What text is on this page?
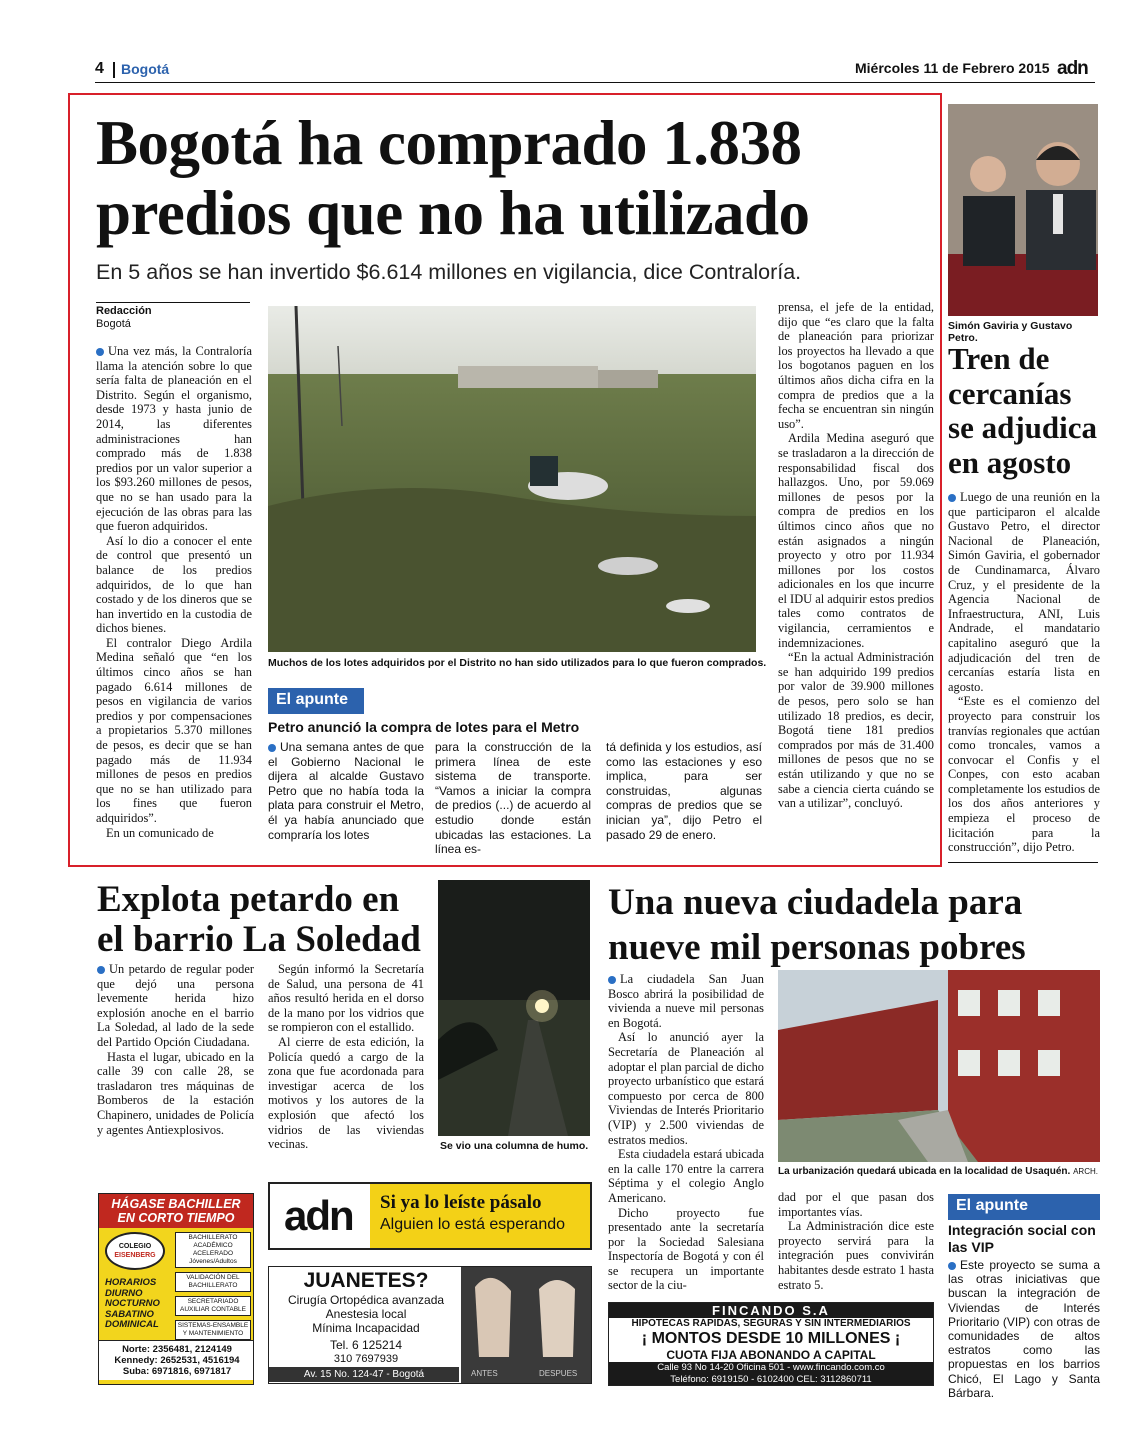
4 Bogotá	Miércoles 11 de Febrero 2015 adn
Bogotá ha comprado 1.838
predios que no ha utilizado
En 5 años se han invertido $6.614 millones en vigilancia, dice Contraloría.
Redacción
Bogotá

Una vez más, la Contraloría llama la atención sobre lo que sería falta de planeación en el Distrito. Según el organismo, desde 1973 y hasta junio de 2014, las diferentes administraciones han comprado más de 1.838 predios por un valor superior a los $93.260 millones de pesos, que no se han usado para la ejecución de las obras para las que fueron adquiridos.

Así lo dio a conocer el ente de control que presentó un balance de los predios adquiridos, de lo que han costado y de los dineros que se han invertido en la custodia de dichos bienes.

El contralor Diego Ardila Medina señaló que “en los últimos cinco años se han pagado 6.614 millones de pesos en vigilancia de varios predios y por compensaciones a propietarios 5.370 millones de pesos, es decir que se han pagado más de 11.934 millones de pesos en predios que no se han utilizado para los fines que fueron adquiridos”.

En un comunicado de

Muchos de los lotes adquiridos por el Distrito no han sido utilizados para lo que fueron comprados.

prensa, el jefe de la entidad, dijo que “es claro que la falta de planeación para priorizar los proyectos ha llevado a que los bogotanos paguen en los últimos años dicha cifra en la compra de predios que a la fecha se encuentran sin ningún uso”.

Ardila Medina aseguró que se trasladaron a la dirección de responsabilidad fiscal dos hallazgos. Uno, por 59.069 millones de pesos por la compra de predios en los últimos cinco años que no están asignados a ningún proyecto y otro por 11.934 millones por los costos adicionales en los que incurre el IDU al adquirir estos predios tales como contratos de vigilancia, cerramientos e indemnizaciones.

“En la actual Administración se han adquirido 199 predios por valor de 39.900 millones de pesos, pero solo se han utilizado 18 predios, es decir, Bogotá tiene 181 predios comprados por más de 31.400 millones de pesos que no se están utilizando y que no se sabe a ciencia cierta cuándo se van a utilizar”, concluyó.

El apunte
Petro anunció la compra de lotes para el Metro
Una semana antes de que el Gobierno Nacional le dijera al alcalde Gustavo Petro que no había toda la plata para construir el Metro, él ya había anunciado que compraría los lotes
para la construcción de la primera línea de este sistema de transporte. “Vamos a iniciar la compra de predios (...) de acuerdo al estudio donde están ubicadas las estaciones. La línea es-
tá definida y los estudios, así como las estaciones y eso implica, para ser construidas, algunas compras de predios que se inician ya”, dijo Petro el pasado 29 de enero.
Simón Gaviria y Gustavo Petro.
Tren de
cercanías
se adjudica
en agosto

Luego de una reunión en la que participaron el alcalde Gustavo Petro, el director Nacional de Planeación, Simón Gaviria, el gobernador de Cundinamarca, Álvaro Cruz, y el presidente de la Agencia Nacional de Infraestructura, ANI, Luis Andrade, el mandatario capitalino aseguró que la adjudicación del tren de cercanías estaría lista en agosto.

“Este es el comienzo del proyecto para construir los tranvías regionales que actúan como troncales, vamos a convocar el Confis y el Conpes, con esto acaban completamente los estudios de los dos años anteriores y empieza el proceso de licitación para la construcción”, dijo Petro.

Explota petardo en
el barrio La Soledad

Un petardo de regular poder que dejó una persona levemente herida hizo explosión anoche en el barrio La Soledad, al lado de la sede del Partido Opción Ciudadana.

Hasta el lugar, ubicado en la calle 39 con calle 28, se trasladaron tres máquinas de Bomberos de la estación Chapinero, unidades de Policía y agentes Antiexplosivos.

Según informó la Secretaría de Salud, una persona de 41 años resultó herida en el dorso de la mano por los vidrios que se rompieron con el estallido.

Al cierre de esta edición, la Policía quedó a cargo de la zona que fue acordonada para investigar acerca de los motivos y los autores de la explosión que afectó los vidrios de las viviendas vecinas.	Se vio una columna de humo.
Una nueva ciudadela para
nueve mil personas pobres

La ciudadela San Juan Bosco abrirá la posibilidad de vivienda a nueve mil personas en Bogotá.

Así lo anunció ayer la Secretaría de Planeación al adoptar el plan parcial de dicho proyecto urbanístico que estará compuesto por cerca de 800 Viviendas de Interés Prioritario (VIP) y 2.500 viviendas de estratos medios.

Esta ciudadela estará ubicada en la calle 170 entre la carrera Séptima y el colegio Anglo Americano.

Dicho proyecto fue presentado ante la secretaría por la Sociedad Salesiana Inspectoría de Bogotá y con él se recupera un importante sector de la ciu-

La urbanización quedará ubicada en la localidad de Usaquén. ARCH.

dad por el que pasan dos importantes vías.

La Administración dice este proyecto servirá para la integración pues convivirán habitantes desde estrato 1 hasta estrato 5.

El apunte
Integración social con las VIP
Este proyecto se suma a las otras iniciativas que buscan la integración de Viviendas de Interés Prioritario (VIP) con otras de comunidades de altos estratos como las propuestas en los barrios Chicó, El Lago y Santa Bárbara.
HÁGASE BACHILLER
EN CORTO TIEMPO
COLEGIO
EISENBERG
HORARIOS
DIURNO
NOCTURNO
SABATINO
DOMINICAL
BACHILLERATO ACADÉMICO ACELERADO Jóvenes/Adultos
VALIDACIÓN DEL BACHILLERATO
SECRETARIADO AUXILIAR CONTABLE
SISTEMAS-ENSAMBLE Y MANTENIMIENTO
Norte: 2356481, 2124149
Kennedy: 2652531, 4516194
Suba: 6971816, 6971817
adn	Si ya lo leíste pásalo
Alguien lo está esperando
JUANETES?
Cirugía Ortopédica avanzada
Anestesia local
Mínima Incapacidad
Tel. 6 125214
310 7697939
Av. 15 No. 124-47 - Bogotá	ANTES	DESPUES
FINCANDO S.A
HIPOTECAS RÁPIDAS, SEGURAS Y SIN INTERMEDIARIOS
¡ MONTOS DESDE 10 MILLONES ¡
CUOTA FIJA ABONANDO A CAPITAL
Calle 93 No 14-20 Oficina 501 - www.fincando.com.co
Teléfono: 6919150 - 6102400 CEL: 3112860711
